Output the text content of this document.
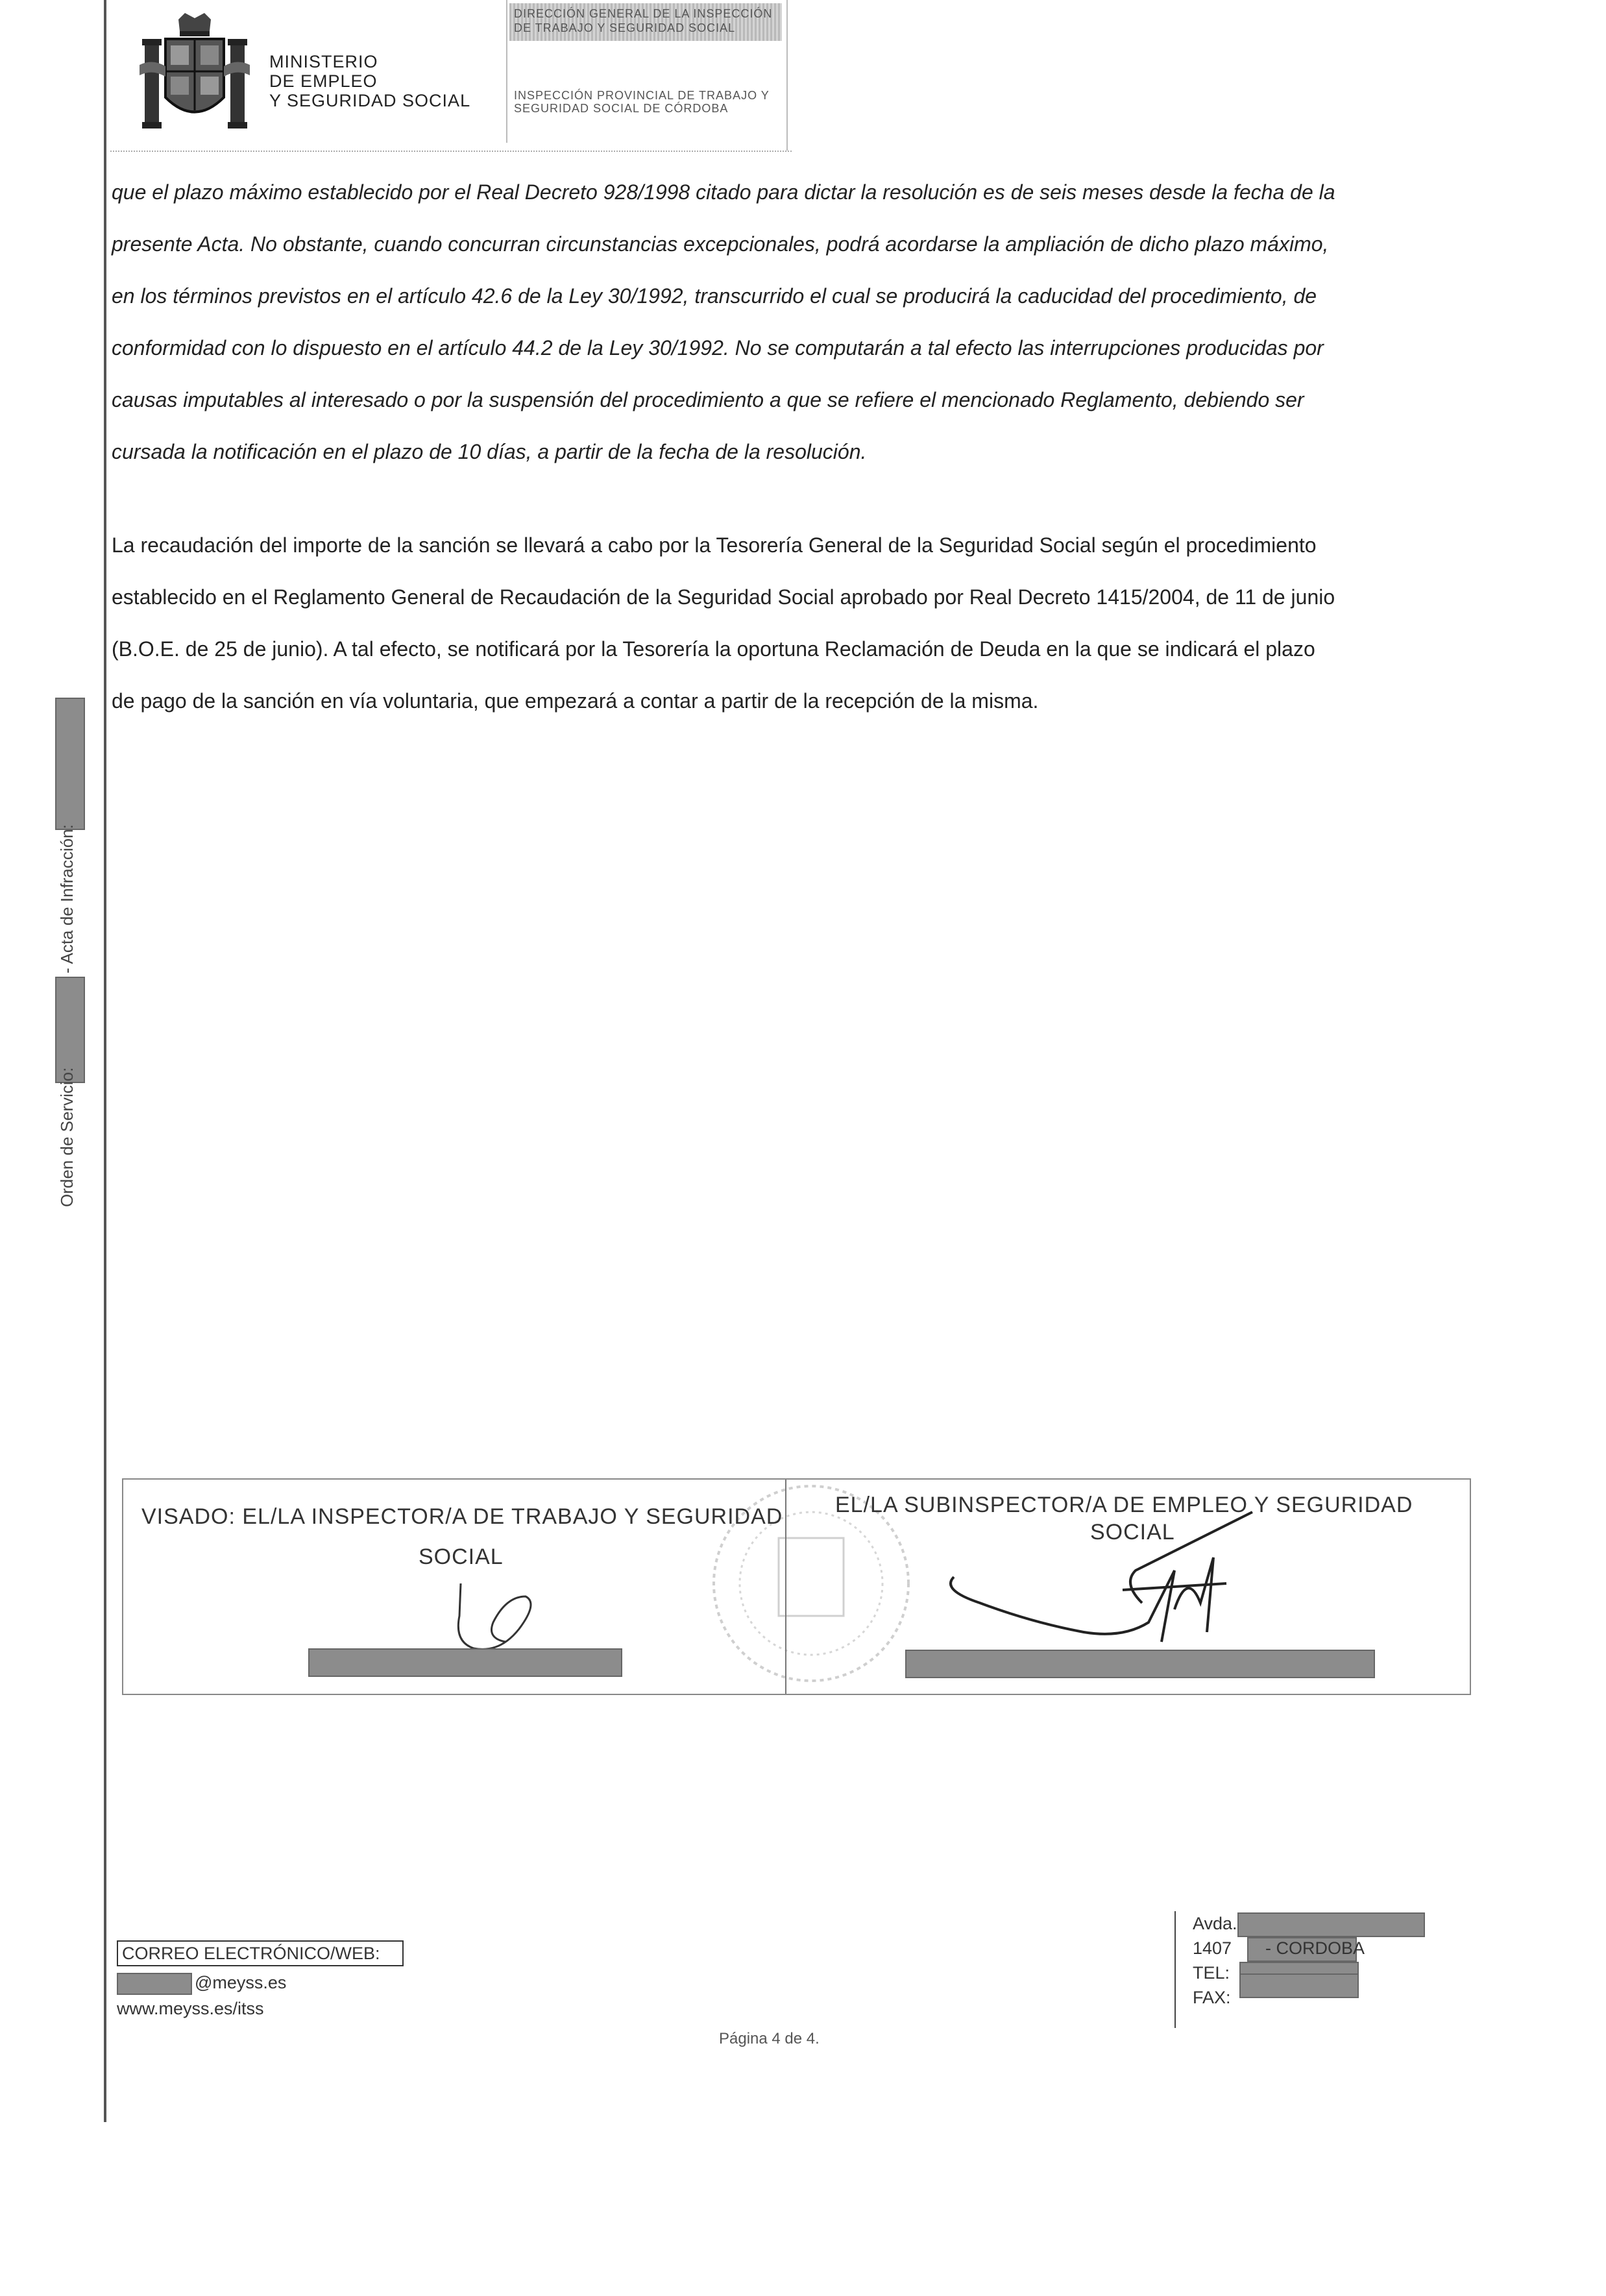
- Acta de Infracción:
Orden de Servicio:
MINISTERIO
DE EMPLEO
Y SEGURIDAD SOCIAL
DIRECCIÓN GENERAL DE LA INSPECCIÓN
DE TRABAJO Y SEGURIDAD SOCIAL
INSPECCIÓN PROVINCIAL DE TRABAJO Y
SEGURIDAD SOCIAL DE CÓRDOBA
que el plazo máximo establecido por el Real Decreto 928/1998 citado para dictar la resolución es de seis meses desde la fecha de la
presente Acta. No obstante, cuando concurran circunstancias excepcionales, podrá acordarse la ampliación de dicho plazo máximo,
en los términos previstos en el artículo 42.6 de la Ley 30/1992, transcurrido el cual se producirá la caducidad del procedimiento, de
conformidad con lo dispuesto en el artículo 44.2 de la Ley 30/1992. No se computarán a tal efecto las interrupciones producidas por
causas imputables al interesado o por la suspensión del procedimiento a que se refiere el mencionado Reglamento, debiendo ser
cursada la notificación en el plazo de 10 días, a partir de la fecha de la resolución.
La recaudación del importe de la sanción se llevará a cabo por la Tesorería General de la Seguridad Social según el procedimiento
establecido en el Reglamento General de Recaudación de la Seguridad Social aprobado por Real Decreto 1415/2004, de 11 de junio
(B.O.E. de 25 de junio). A tal efecto, se notificará por la Tesorería la oportuna Reclamación de Deuda en la que se indicará el plazo
de pago de la sanción en vía voluntaria, que empezará a contar a partir de la recepción de la misma.
VISADO: EL/LA INSPECTOR/A DE TRABAJO Y SEGURIDAD
SOCIAL
EL/LA SUBINSPECTOR/A DE EMPLEO Y SEGURIDAD
SOCIAL
CORREO ELECTRÓNICO/WEB:
@meyss.es
www.meyss.es/itss
Página 4 de 4.
Avda.
1407 - CORDOBA
TEL:
FAX:
